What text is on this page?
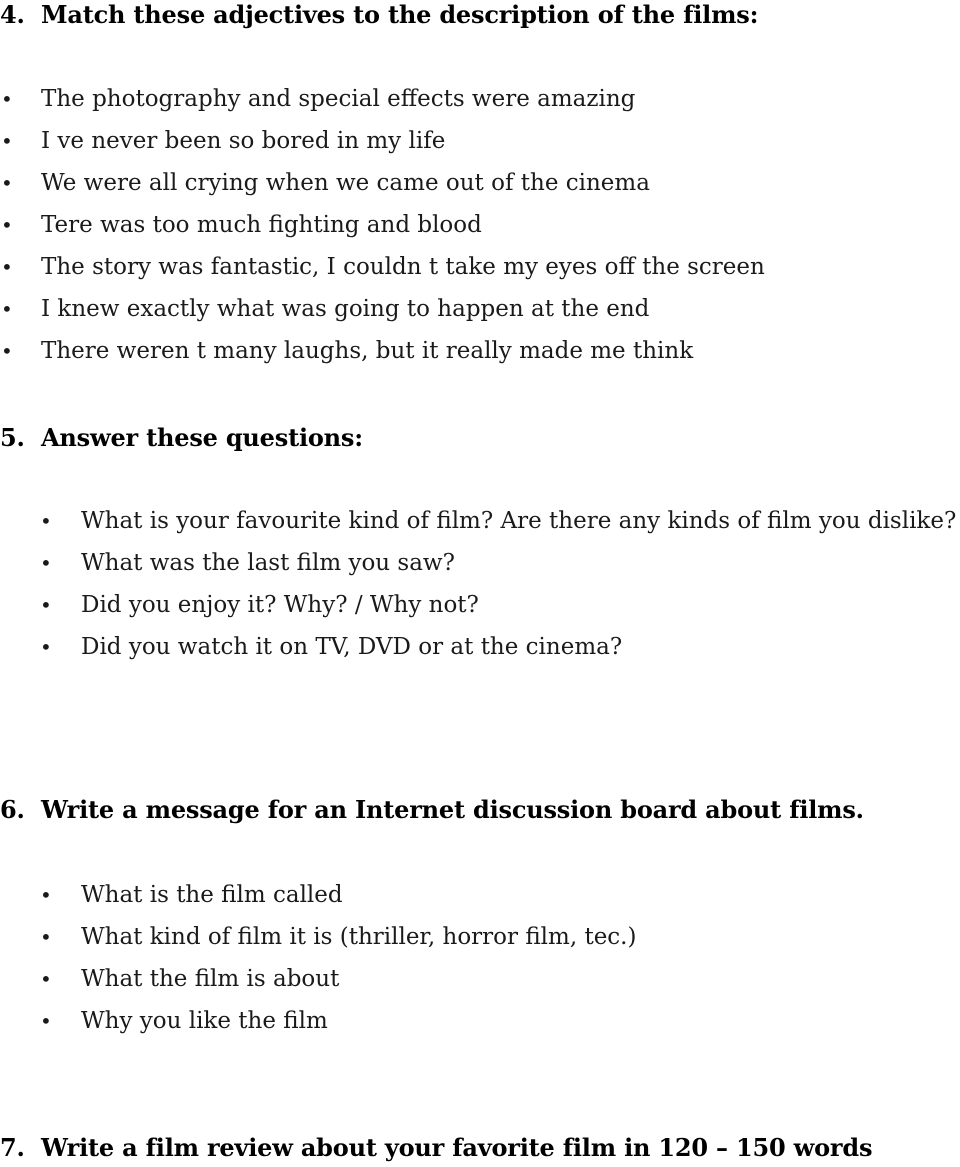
4. Match these adjectives to the description of the films:
• The photography and special effects were amazing
• I ve never been so bored in my life
• We were all crying when we came out of the cinema
• Tere was too much fighting and blood
• The story was fantastic, I couldn t take my eyes off the screen
• I knew exactly what was going to happen at the end
• There weren t many laughs, but it really made me think
5. Answer these questions:
• What is your favourite kind of film? Are there any kinds of film you dislike?
• What was the last film you saw?
• Did you enjoy it? Why? / Why not?
• Did you watch it on TV, DVD or at the cinema?
6. Write a message for an Internet discussion board about films.
• What is the film called
• What kind of film it is (thriller, horror film, tec.)
• What the film is about
• Why you like the film
7. Write a film review about your favorite film in 120 – 150 words
